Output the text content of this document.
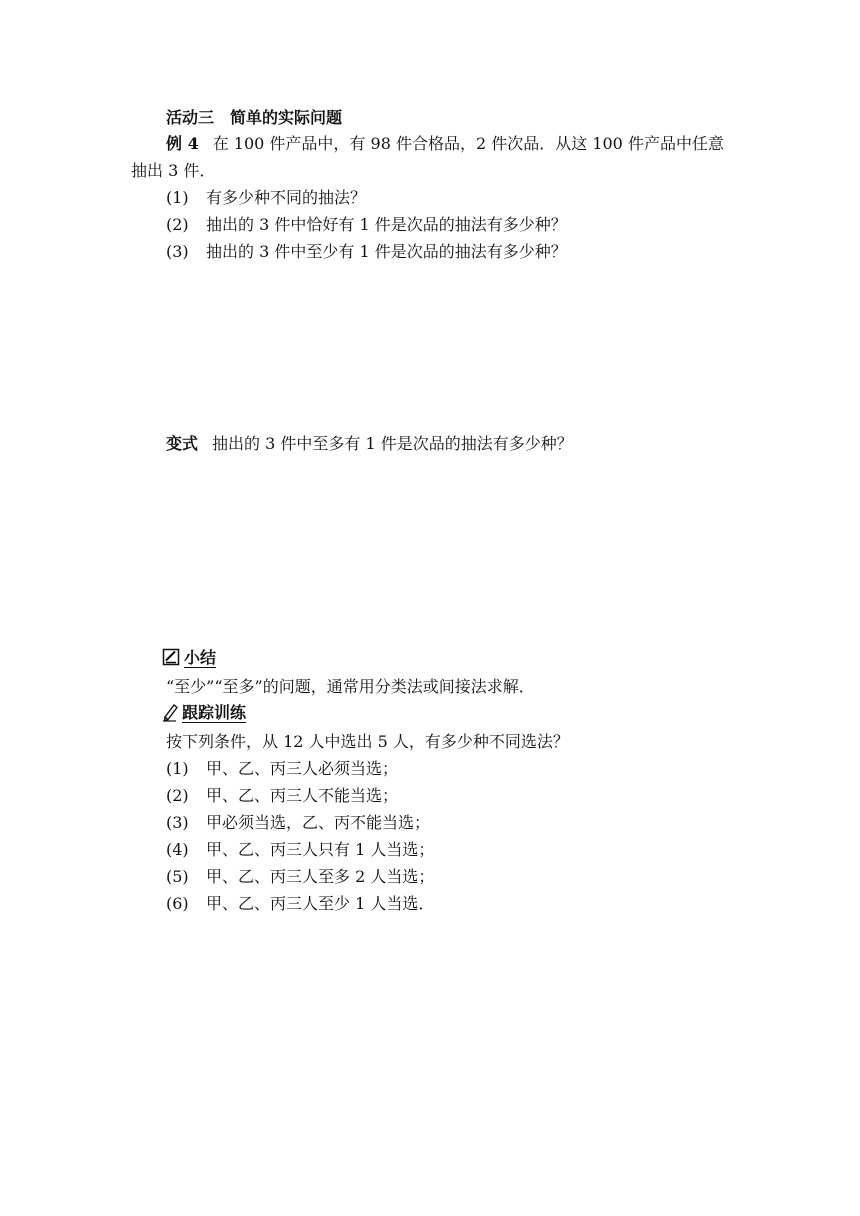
活动三　简单的实际问题
例 4 在 100 件产品中，有 98 件合格品，2 件次品．从这 100 件产品中任意
抽出 3 件．
(1) 有多少种不同的抽法？
(2) 抽出的 3 件中恰好有 1 件是次品的抽法有多少种？
(3) 抽出的 3 件中至少有 1 件是次品的抽法有多少种？
变式 抽出的 3 件中至多有 1 件是次品的抽法有多少种？
小结
“至少”“至多”的问题，通常用分类法或间接法求解．
跟踪训练
按下列条件，从 12 人中选出 5 人，有多少种不同选法？
(1) 甲、乙、丙三人必须当选；
(2) 甲、乙、丙三人不能当选；
(3) 甲必须当选，乙、丙不能当选；
(4) 甲、乙、丙三人只有 1 人当选；
(5) 甲、乙、丙三人至多 2 人当选；
(6) 甲、乙、丙三人至少 1 人当选．
